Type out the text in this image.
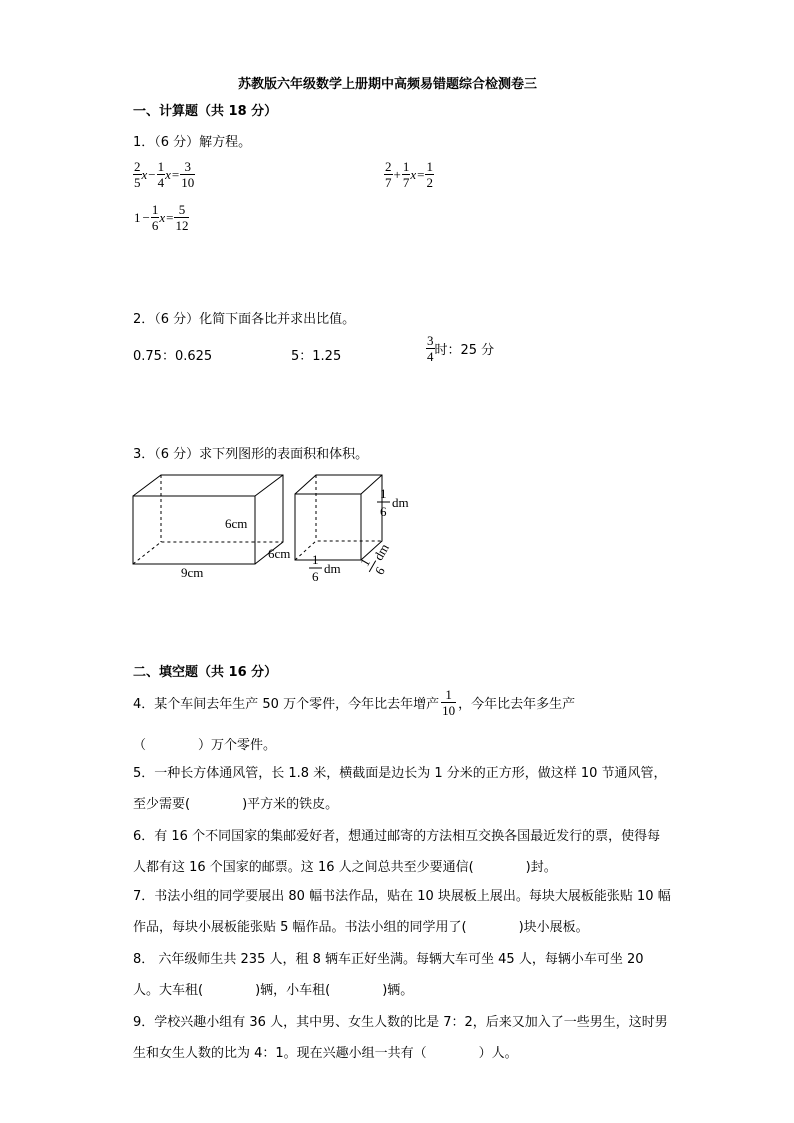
苏教版六年级数学上册期中高频易错题综合检测卷三
一、计算题（共 18 分）
1．（6 分）解方程。
$\frac{2}{5}$ $x - \frac{1}{4}$ $x = \frac{3}{10}$	$\frac{2}{7} + \frac{1}{7}$ $x = \frac{1}{2}$
$1 - \frac{1}{6}$ $x = \frac{5}{12}$
2．（6 分）化简下面各比并求出比值。
0.75：0.625	5：1.25	$\frac{3}{4}$ 时：25 分
3．（6 分）求下列图形的表面积和体积。
6cm
6cm
9cm
1
6
dm
1
6
dm 1
6
dm
二、填空题（共 16 分）
4．某个车间去年生产 50 万个零件，今年比去年增产 $\frac{1}{10}$ ，今年比去年多生产
（　　　　）万个零件。
5．一种长方体通风管，长 1.8 米，横截面是边长为 1 分米的正方形，做这样 10 节通风管，至少需要(　　　　)平方米的铁皮。
6．有 16 个不同国家的集邮爱好者，想通过邮寄的方法相互交换各国最近发行的票，使得每人都有这 16 个国家的邮票。这 16 人之间总共至少要通信(　　　　)封。
7．书法小组的同学要展出 80 幅书法作品，贴在 10 块展板上展出。每块大展板能张贴 10 幅作品，每块小展板能张贴 5 幅作品。书法小组的同学用了(　　　　)块小展板。
8． 六年级师生共 235 人，租 8 辆车正好坐满。每辆大车可坐 45 人，每辆小车可坐 20 人。大车租(　　　　)辆，小车租(　　　　)辆。
9．学校兴趣小组有 36 人，其中男、女生人数的比是 7：2，后来又加入了一些男生，这时男生和女生人数的比为 4：1。现在兴趣小组一共有（　　　　）人。
